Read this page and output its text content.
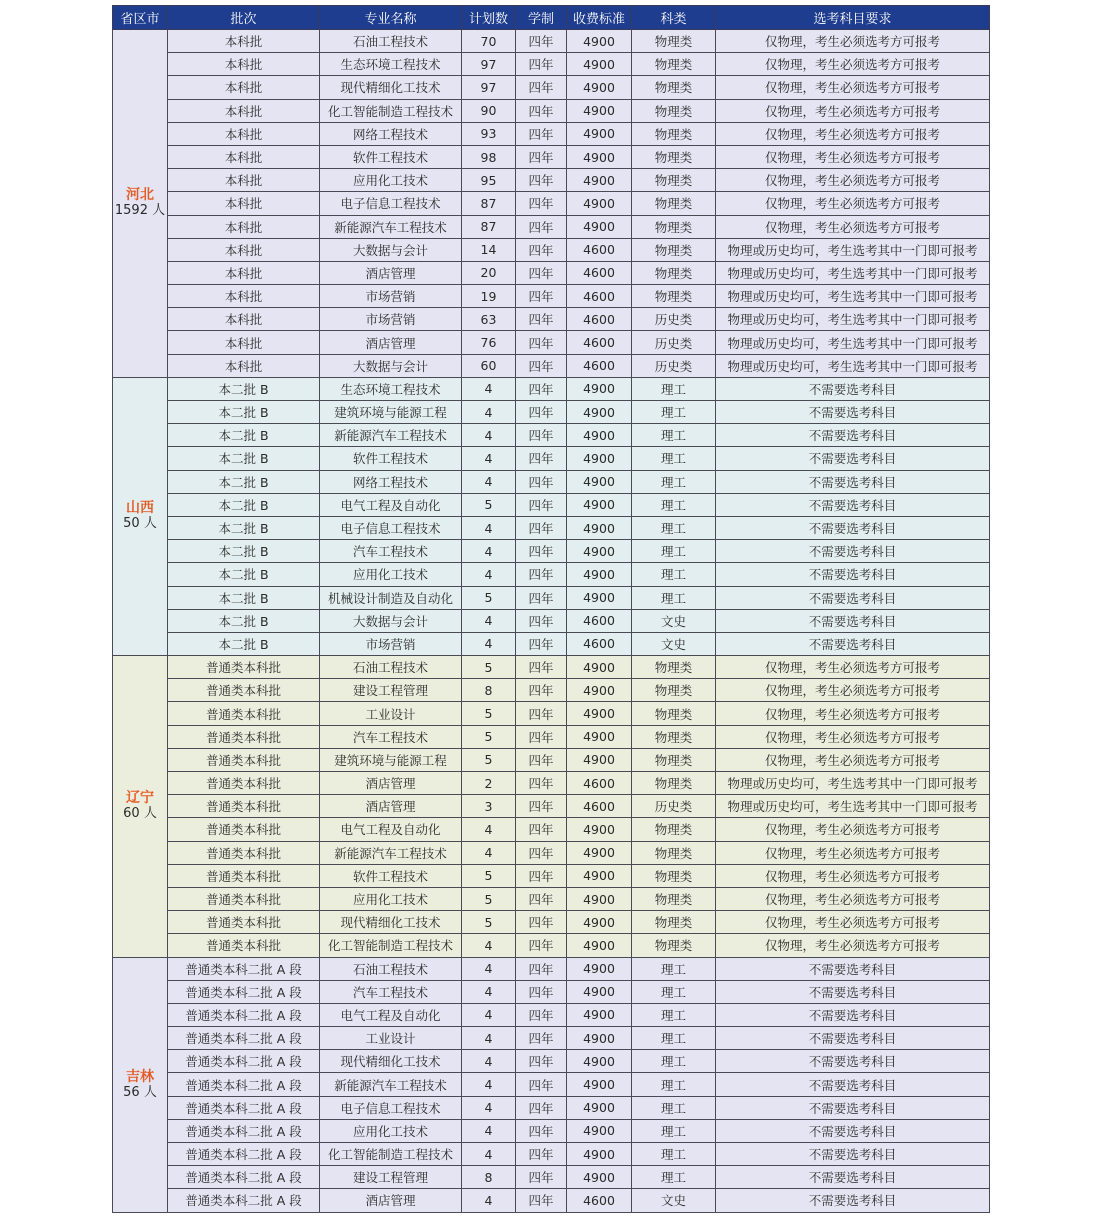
省区市	批次	专业名称	计划数	学制	收费标准	科类	选考科目要求

河北
1592 人	本科批	石油工程技术	70	四年	4900	物理类	仅物理，考生必须选考方可报考
	本科批	生态环境工程技术	97	四年	4900	物理类	仅物理，考生必须选考方可报考
	本科批	现代精细化工技术	97	四年	4900	物理类	仅物理，考生必须选考方可报考
	本科批	化工智能制造工程技术	90	四年	4900	物理类	仅物理，考生必须选考方可报考
	本科批	网络工程技术	93	四年	4900	物理类	仅物理，考生必须选考方可报考
	本科批	软件工程技术	98	四年	4900	物理类	仅物理，考生必须选考方可报考
	本科批	应用化工技术	95	四年	4900	物理类	仅物理，考生必须选考方可报考
	本科批	电子信息工程技术	87	四年	4900	物理类	仅物理，考生必须选考方可报考
	本科批	新能源汽车工程技术	87	四年	4900	物理类	仅物理，考生必须选考方可报考
	本科批	大数据与会计	14	四年	4600	物理类	物理或历史均可，考生选考其中一门即可报考
	本科批	酒店管理	20	四年	4600	物理类	物理或历史均可，考生选考其中一门即可报考
	本科批	市场营销	19	四年	4600	物理类	物理或历史均可，考生选考其中一门即可报考
	本科批	市场营销	63	四年	4600	历史类	物理或历史均可，考生选考其中一门即可报考
	本科批	酒店管理	76	四年	4600	历史类	物理或历史均可，考生选考其中一门即可报考
	本科批	大数据与会计	60	四年	4600	历史类	物理或历史均可，考生选考其中一门即可报考

山西
50 人	本二批 B	生态环境工程技术	4	四年	4900	理工	不需要选考科目
	本二批 B	建筑环境与能源工程	4	四年	4900	理工	不需要选考科目
	本二批 B	新能源汽车工程技术	4	四年	4900	理工	不需要选考科目
	本二批 B	软件工程技术	4	四年	4900	理工	不需要选考科目
	本二批 B	网络工程技术	4	四年	4900	理工	不需要选考科目
	本二批 B	电气工程及自动化	5	四年	4900	理工	不需要选考科目
	本二批 B	电子信息工程技术	4	四年	4900	理工	不需要选考科目
	本二批 B	汽车工程技术	4	四年	4900	理工	不需要选考科目
	本二批 B	应用化工技术	4	四年	4900	理工	不需要选考科目
	本二批 B	机械设计制造及自动化	5	四年	4900	理工	不需要选考科目
	本二批 B	大数据与会计	4	四年	4600	文史	不需要选考科目
	本二批 B	市场营销	4	四年	4600	文史	不需要选考科目

辽宁
60 人	普通类本科批	石油工程技术	5	四年	4900	物理类	仅物理，考生必须选考方可报考
	普通类本科批	建设工程管理	8	四年	4900	物理类	仅物理，考生必须选考方可报考
	普通类本科批	工业设计	5	四年	4900	物理类	仅物理，考生必须选考方可报考
	普通类本科批	汽车工程技术	5	四年	4900	物理类	仅物理，考生必须选考方可报考
	普通类本科批	建筑环境与能源工程	5	四年	4900	物理类	仅物理，考生必须选考方可报考
	普通类本科批	酒店管理	2	四年	4600	物理类	物理或历史均可，考生选考其中一门即可报考
	普通类本科批	酒店管理	3	四年	4600	历史类	物理或历史均可，考生选考其中一门即可报考
	普通类本科批	电气工程及自动化	4	四年	4900	物理类	仅物理，考生必须选考方可报考
	普通类本科批	新能源汽车工程技术	4	四年	4900	物理类	仅物理，考生必须选考方可报考
	普通类本科批	软件工程技术	5	四年	4900	物理类	仅物理，考生必须选考方可报考
	普通类本科批	应用化工技术	5	四年	4900	物理类	仅物理，考生必须选考方可报考
	普通类本科批	现代精细化工技术	5	四年	4900	物理类	仅物理，考生必须选考方可报考
	普通类本科批	化工智能制造工程技术	4	四年	4900	物理类	仅物理，考生必须选考方可报考

吉林
56 人	普通类本科二批 A 段	石油工程技术	4	四年	4900	理工	不需要选考科目
	普通类本科二批 A 段	汽车工程技术	4	四年	4900	理工	不需要选考科目
	普通类本科二批 A 段	电气工程及自动化	4	四年	4900	理工	不需要选考科目
	普通类本科二批 A 段	工业设计	4	四年	4900	理工	不需要选考科目
	普通类本科二批 A 段	现代精细化工技术	4	四年	4900	理工	不需要选考科目
	普通类本科二批 A 段	新能源汽车工程技术	4	四年	4900	理工	不需要选考科目
	普通类本科二批 A 段	电子信息工程技术	4	四年	4900	理工	不需要选考科目
	普通类本科二批 A 段	应用化工技术	4	四年	4900	理工	不需要选考科目
	普通类本科二批 A 段	化工智能制造工程技术	4	四年	4900	理工	不需要选考科目
	普通类本科二批 A 段	建设工程管理	8	四年	4900	理工	不需要选考科目
	普通类本科二批 A 段	酒店管理	4	四年	4600	文史	不需要选考科目
